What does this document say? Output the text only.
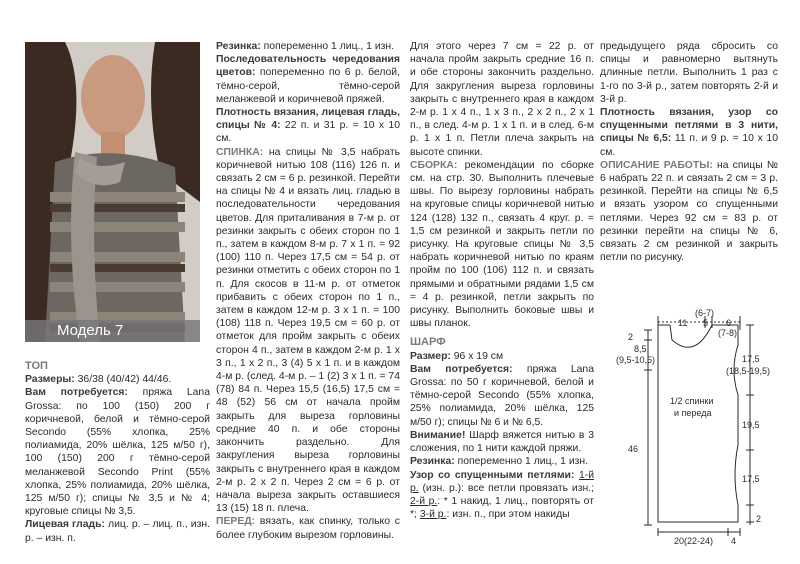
Модель 7

ТОП

Размеры: 36/38 (40/42) 44/46.

Вам потребуется: пряжа Lana Grossa: по 100 (150) 200 г коричневой, белой и тёмно-серой Secondo (55% хлопка, 25% полиамида, 20% шёлка, 125 м/50 г), 100 (150) 200 г тёмно-серой меланжевой Secondo Print (55% хлопка, 25% полиамида, 20% шёлка, 125 м/50 г); спицы № 3,5 и № 4; круговые спицы № 3,5.

Лицевая гладь: лиц. р. – лиц. п., изн. р. – изн. п.

Резинка: попеременно 1 лиц., 1 изн.

Последовательность чередования цветов: попеременно по 6 р. белой, тёмно-серой, тёмно-серой меланжевой и коричневой пряжей.

Плотность вязания, лицевая гладь, спицы № 4: 22 п. и 31 р. = 10 х 10 см.

СПИНКА: на спицы № 3,5 набрать коричневой нитью 108 (116) 126 п. и связать 2 см = 6 р. резинкой. Перейти на спицы № 4 и вязать лиц. гладью в последовательности чередования цветов. Для приталивания в 7-м р. от резинки закрыть с обеих сторон по 1 п., затем в каждом 8-м р. 7 х 1 п. = 92 (100) 110 п. Через 17,5 см = 54 р. от резинки отметить с обеих сторон по 1 п. Для скосов в 11-м р. от отметок прибавить с обеих сторон по 1 п., затем в каждом 12-м р. 3 х 1 п. = 100 (108) 118 п. Через 19,5 см = 60 р. от отметок для пройм закрыть с обеих сторон 4 п., затем в каждом 2-м р. 1 х 3 п., 1 х 2 п., 3 (4) 5 х 1 п. и в каждом 4-м р. (след. 4-м р. – 1 (2) 3 х 1 п. = 74 (78) 84 п. Через 15,5 (16,5) 17,5 см = 48 (52) 56 см от начала пройм закрыть для выреза горловины средние 40 п. и обе стороны закончить раздельно. Для закругления выреза горловины закрыть с внутреннего края в каждом 2-м р. 2 х 2 п. Через 2 см = 6 р. от начала выреза закрыть оставшиеся 13 (15) 18 п. плеча.

ПЕРЕД: вязать, как спинку, только с более глубоким вырезом горловины.

Для этого через 7 см = 22 р. от начала пройм закрыть средние 16 п. и обе стороны закончить раздельно. Для закругления выреза горловины закрыть с внутреннего края в каждом 2-м р. 1 х 4 п., 1 х 3 п., 2 х 2 п., 2 х 1 п., в след. 4-м р. 1 х 1 п. и в след. 6-м р. 1 х 1 п. Петли плеча закрыть на высоте спинки.

СБОРКА: рекомендации по сборке см. на стр. 30. Выполнить плечевые швы. По вырезу горловины набрать на круговые спицы коричневой нитью 124 (128) 132 п., связать 4 круг. р. = 1,5 см резинкой и закрыть петли по рисунку. На круговые спицы № 3,5 набрать коричневой нитью по краям пройм по 100 (106) 112 п. и связать прямыми и обратными рядами 1,5 см = 4 р. резинкой, петли закрыть по рисунку. Выполнить боковые швы и швы планок.

ШАРФ

Размер: 96 х 19 см

Вам потребуется: пряжа Lana Grossa: по 50 г коричневой, белой и тёмно-серой Secondo (55% хлопка, 25% полиамида, 20% шёлка, 125 м/50 г); спицы № 6 и № 6,5.

Внимание! Шарф вяжется нитью в 3 сложения, по 1 нити каждой пряжи.

Резинка: попеременно 1 лиц., 1 изн.

Узор со спущенными петлями: 1-й р. (изн. р.): все петли провязать изн.; 2-й р.: * 1 накид, 1 лиц., повторять от *; 3-й р.: изн. п., при этом накиды

предыдущего ряда сбросить со спицы и равномерно вытянуть длинные петли. Выполнить 1 раз с 1-го по 3-й р., затем повторять 2-й и 3-й р.

Плотность вязания, узор со спущенными петлями в 3 нити, спицы № 6,5: 11 п. и 9 р. = 10 х 10 см.

ОПИСАНИЕ РАБОТЫ: на спицы № 6 набрать 22 п. и связать 2 см = 3 р. резинкой. Перейти на спицы № 6,5 и вязать узором со спущенными петлями. Через 92 см = 83 р. от резинки перейти на спицы № 6, связать 2 см резинкой и закрыть петли по рисунку.

11 5 6
(6-7)
(7-8)
2
8,5
(9,5-10,5)	17,5
(18,5-19,5)
1/2 спинки
и переда
19,5
17,5
46
2
20(22-24) 4
